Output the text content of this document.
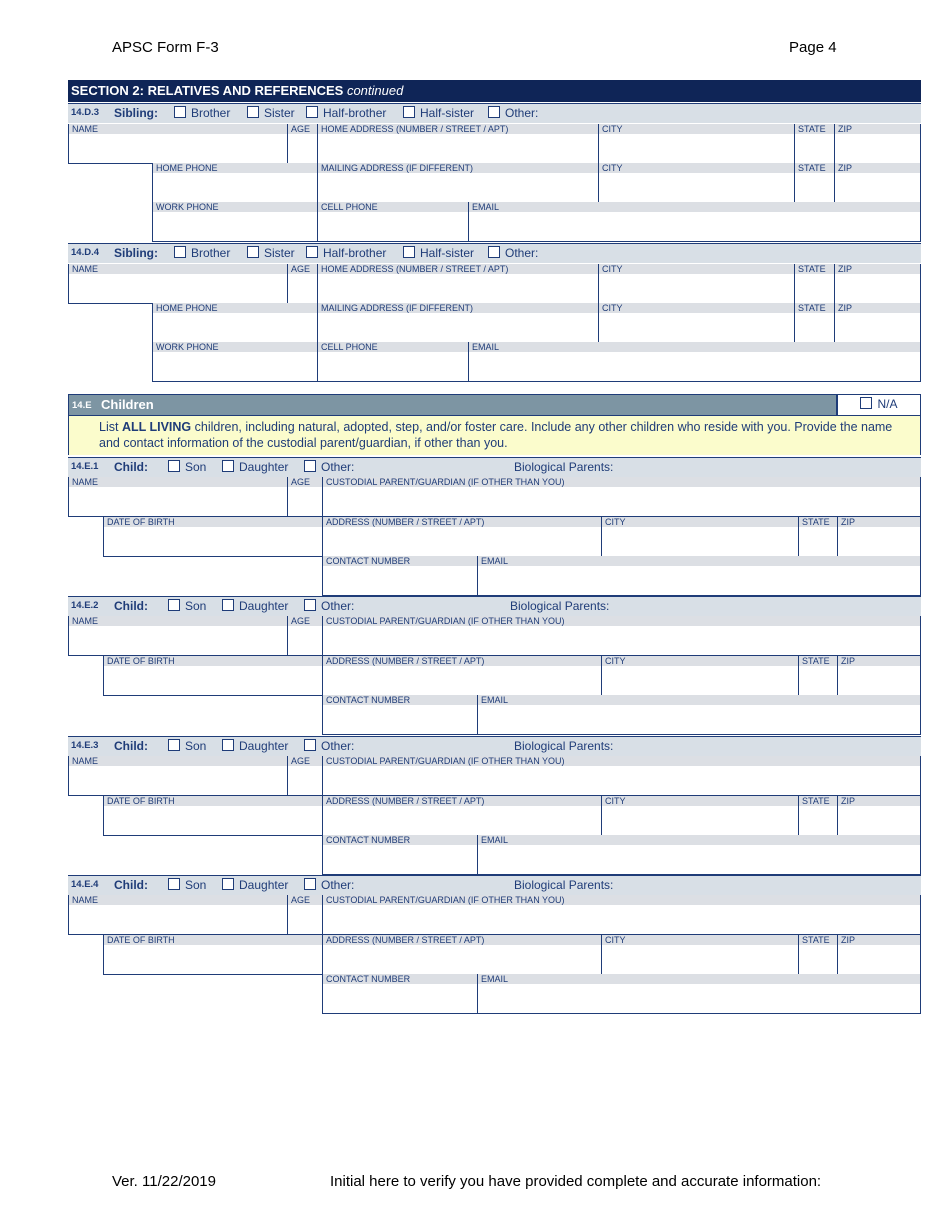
APSC Form F-3	Page 4
SECTION 2: RELATIVES AND REFERENCES continued
14.D.3 Sibling:	Brother	Sister	Half-brother	Half-sister	Other:
NAME	AGE	HOME ADDRESS (NUMBER / STREET / APT)	CITY	STATE	ZIP
HOME PHONE	MAILING ADDRESS (IF DIFFERENT)	CITY	STATE	ZIP
WORK PHONE	CELL PHONE	EMAIL
14.D.4 Sibling:	Brother	Sister	Half-brother	Half-sister	Other:
NAME	AGE	HOME ADDRESS (NUMBER / STREET / APT)	CITY	STATE	ZIP
HOME PHONE	MAILING ADDRESS (IF DIFFERENT)	CITY	STATE	ZIP
WORK PHONE	CELL PHONE	EMAIL
14.E Children	N/A
List ALL LIVING children, including natural, adopted, step, and/or foster care. Include any other children who reside with you. Provide the name and contact information of the custodial parent/guardian, if other than you.
14.E.1 Child:	Son	Daughter	Other:	Biological Parents:
NAME	AGE	CUSTODIAL PARENT/GUARDIAN (IF OTHER THAN YOU)
DATE OF BIRTH	ADDRESS (NUMBER / STREET / APT)	CITY	STATE	ZIP
CONTACT NUMBER	EMAIL
14.E.2 Child:	Son	Daughter	Other:	Biological Parents:
NAME	AGE	CUSTODIAL PARENT/GUARDIAN (IF OTHER THAN YOU)
DATE OF BIRTH	ADDRESS (NUMBER / STREET / APT)	CITY	STATE	ZIP
CONTACT NUMBER	EMAIL
14.E.3 Child:	Son	Daughter	Other:	Biological Parents:
NAME	AGE	CUSTODIAL PARENT/GUARDIAN (IF OTHER THAN YOU)
DATE OF BIRTH	ADDRESS (NUMBER / STREET / APT)	CITY	STATE	ZIP
CONTACT NUMBER	EMAIL
14.E.4 Child:	Son	Daughter	Other:	Biological Parents:
NAME	AGE	CUSTODIAL PARENT/GUARDIAN (IF OTHER THAN YOU)
DATE OF BIRTH	ADDRESS (NUMBER / STREET / APT)	CITY	STATE	ZIP
CONTACT NUMBER	EMAIL
Ver. 11/22/2019	Initial here to verify you have provided complete and accurate information:
